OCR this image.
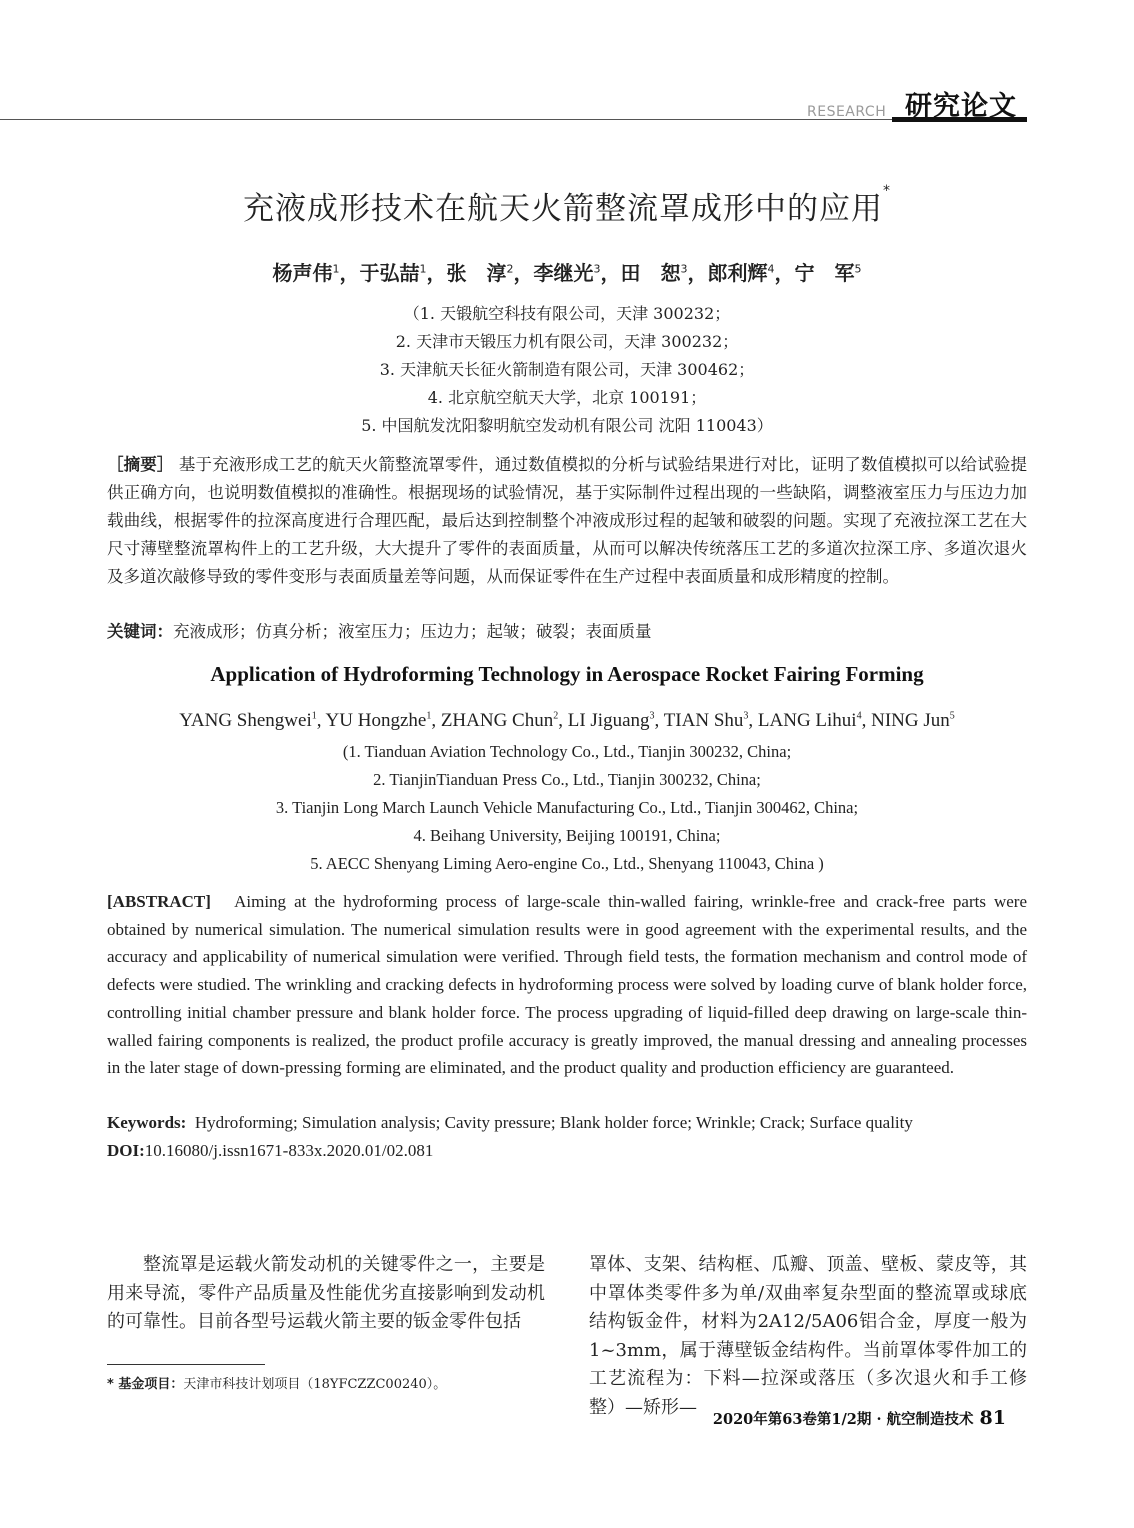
RESEARCH 研究论文
充液成形技术在航天火箭整流罩成形中的应用*
杨声伟$^1$，于弘喆$^1$，张　淳$^2$，李继光$^3$，田　恕$^3$，郎利辉$^4$，宁　军$^5$
（1. 天锻航空科技有限公司，天津 300232；
2. 天津市天锻压力机有限公司，天津 300232；
3. 天津航天长征火箭制造有限公司，天津 300462；
4. 北京航空航天大学，北京 100191；
5. 中国航发沈阳黎明航空发动机有限公司 沈阳 110043）
［摘要］ 基于充液形成工艺的航天火箭整流罩零件，通过数值模拟的分析与试验结果进行对比，证明了数值模拟可以给试验提供正确方向，也说明数值模拟的准确性。根据现场的试验情况，基于实际制件过程出现的一些缺陷，调整液室压力与压边力加载曲线，根据零件的拉深高度进行合理匹配，最后达到控制整个冲液成形过程的起皱和破裂的问题。实现了充液拉深工艺在大尺寸薄壁整流罩构件上的工艺升级，大大提升了零件的表面质量，从而可以解决传统落压工艺的多道次拉深工序、多道次退火及多道次敲修导致的零件变形与表面质量差等问题，从而保证零件在生产过程中表面质量和成形精度的控制。
关键词：充液成形；仿真分析；液室压力；压边力；起皱；破裂；表面质量
Application of Hydroforming Technology in Aerospace Rocket Fairing Forming
YANG Shengwei$^1$, YU Hongzhe$^1$, ZHANG Chun$^2$, LI Jiguang$^3$, TIAN Shu$^3$, LANG Lihui$^4$, NING Jun$^5$
(1. Tianduan Aviation Technology Co., Ltd., Tianjin 300232, China;
2. TianjinTianduan Press Co., Ltd., Tianjin 300232, China;
3. Tianjin Long March Launch Vehicle Manufacturing Co., Ltd., Tianjin 300462, China;
4. Beihang University, Beijing 100191, China;
5. AECC Shenyang Liming Aero-engine Co., Ltd., Shenyang 110043, China )
[ABSTRACT] Aiming at the hydroforming process of large-scale thin-walled fairing, wrinkle-free and crack-free parts were obtained by numerical simulation. The numerical simulation results were in good agreement with the experimental results, and the accuracy and applicability of numerical simulation were verified. Through field tests, the formation mechanism and control mode of defects were studied. The wrinkling and cracking defects in hydroforming process were solved by loading curve of blank holder force, controlling initial chamber pressure and blank holder force. The process upgrading of liquid-filled deep drawing on large-scale thin-walled fairing components is realized, the product profile accuracy is greatly improved, the manual dressing and annealing processes in the later stage of down-pressing forming are eliminated, and the product quality and production efficiency are guaranteed.
Keywords: Hydroforming; Simulation analysis; Cavity pressure; Blank holder force; Wrinkle; Crack; Surface quality
DOI:10.16080/j.issn1671-833x.2020.01/02.081
整流罩是运载火箭发动机的关键零件之一，主要是用来导流，零件产品质量及性能优劣直接影响到发动机的可靠性。目前各型号运载火箭主要的钣金零件包括
罩体、支架、结构框、瓜瓣、顶盖、壁板、蒙皮等，其中罩体类零件多为单/双曲率复杂型面的整流罩或球底结构钣金件，材料为2A12/5A06铝合金，厚度一般为1~3mm，属于薄壁钣金结构件。当前罩体零件加工的工艺流程为：下料—拉深或落压（多次退火和手工修整）—矫形—
* 基金项目：天津市科技计划项目（18YFCZZC00240）。
2020年第63卷第1/2期 · 航空制造技术 81
